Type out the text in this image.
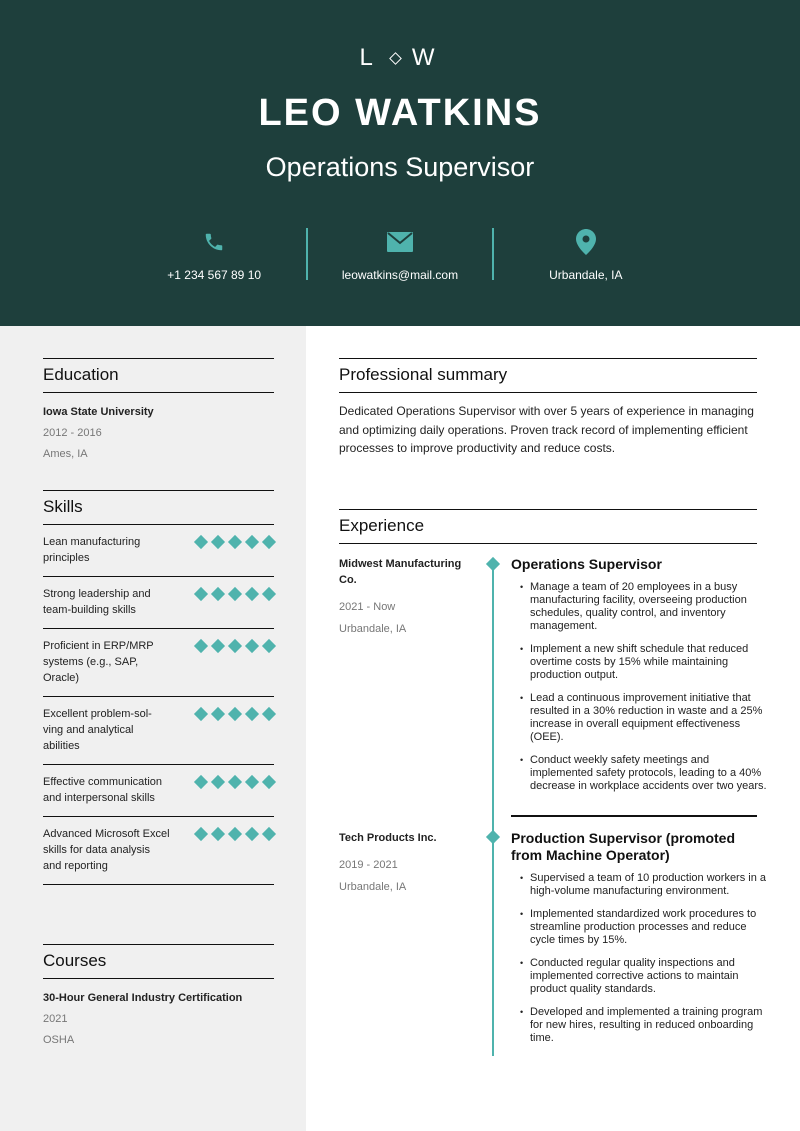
L W
LEO WATKINS
Operations Supervisor
+1 234 567 89 10	leowatkins@mail.com	Urbandale, IA
Education
Iowa State University
2012 - 2016
Ames, IA
Skills
Lean manufacturing principles
Strong leadership and team-building skills
Proficient in ERP/MRP systems (e.g., SAP, Oracle)
Excellent problem-sol-ving and analytical abilities
Effective communication and interpersonal skills
Advanced Microsoft Excel skills for data analysis and reporting
Courses
30-Hour General Industry Certification
2021
OSHA
Professional summary
Dedicated Operations Supervisor with over 5 years of experience in managing and optimizing daily operations. Proven track record of implementing efficient processes to improve productivity and reduce costs.
Experience
Midwest Manufacturing Co.
2021 - Now
Urbandale, IA
Operations Supervisor
• Manage a team of 20 employees in a busy manufacturing facility, overseeing production schedules, quality control, and inventory management.
• Implement a new shift schedule that reduced overtime costs by 15% while maintaining production output.
• Lead a continuous improvement initiative that resulted in a 30% reduction in waste and a 25% increase in overall equipment effectiveness (OEE).
• Conduct weekly safety meetings and implemented safety protocols, leading to a 40% decrease in workplace accidents over two years.
Tech Products Inc.
2019 - 2021
Urbandale, IA
Production Supervisor (promoted from Machine Operator)
• Supervised a team of 10 production workers in a high-volume manufacturing environment.
• Implemented standardized work procedures to streamline production processes and reduce cycle times by 15%.
• Conducted regular quality inspections and implemented corrective actions to maintain product quality standards.
• Developed and implemented a training program for new hires, resulting in reduced onboarding time.
